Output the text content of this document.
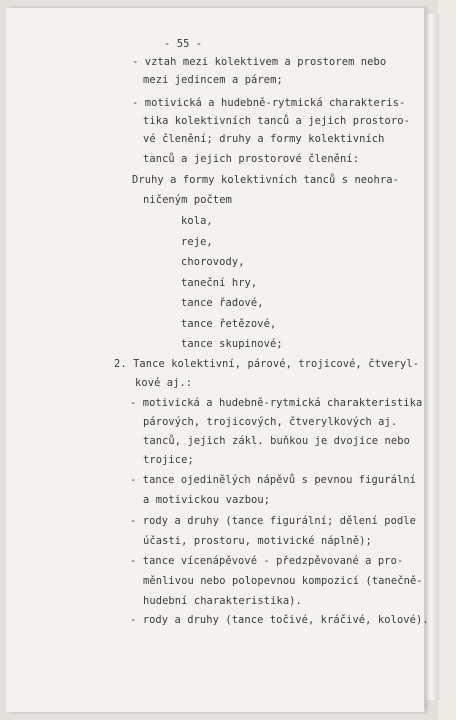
- 55 -
- vztah mezi kolektivem a prostorem nebo
mezi jedincem a párem;
- motivická a hudebně-rytmická charakteris-
tika kolektivních tanců a jejich prostoro-
vé členění; druhy a formy kolektivních
tanců a jejich prostorové členění:
Druhy a formy kolektivních tanců s neohra-
ničeným počtem
kola,
reje,
chorovody,
taneční hry,
tance řadové,
tance řetězové,
tance skupinové;
2. Tance kolektivní, párové, trojicové, čtveryl-
kové aj.:
- motivická a hudebně-rytmická charakteristika
párových, trojicových, čtverylkových aj.
tanců, jejich zákl. buňkou je dvojice nebo
trojice;
- tance ojedinělých nápěvů s pevnou figurální
a motivickou vazbou;
- rody a druhy (tance figurální; dělení podle
účasti, prostoru, motivické náplně);
- tance vícenápěvové - předzpěvované a pro-
měnlivou nebo polopevnou kompozicí (tanečně-
hudební charakteristika).
- rody a druhy (tance točivé, kráčivé, kolové).
